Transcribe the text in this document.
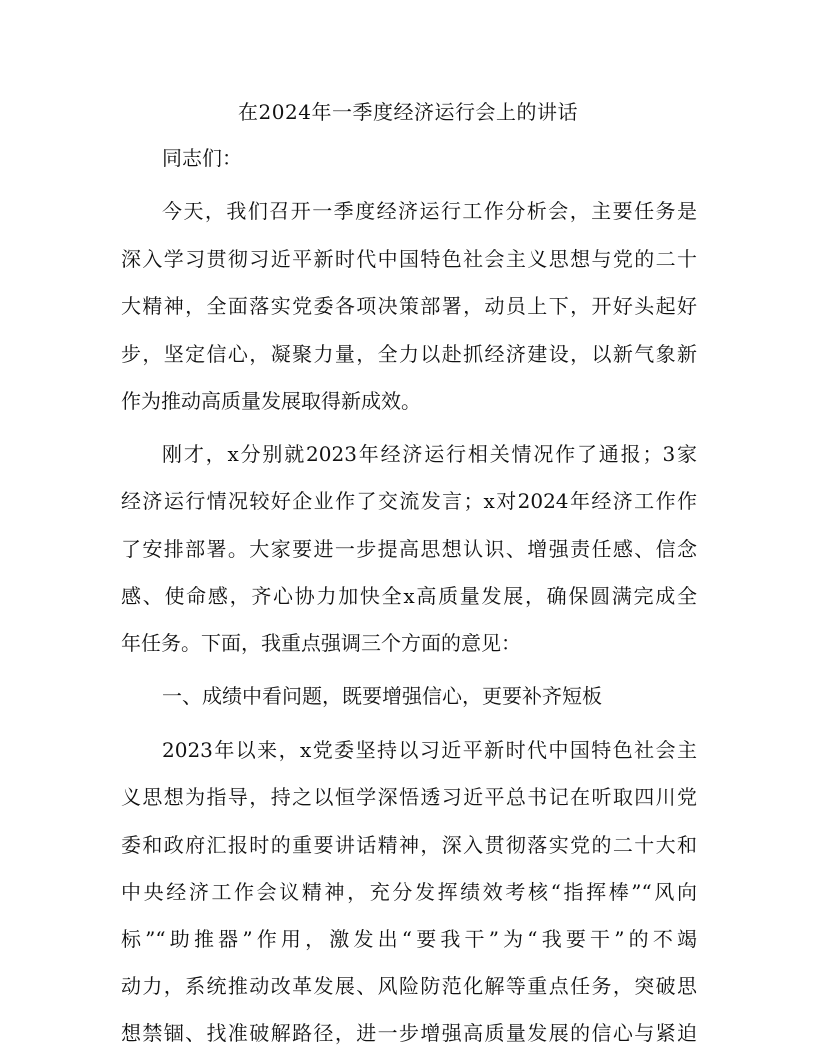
在2024年一季度经济运行会上的讲话
同志们：
今天，我们召开一季度经济运行工作分析会，主要任务是
深入学习贯彻习近平新时代中国特色社会主义思想与党的二十
大精神，全面落实党委各项决策部署，动员上下，开好头起好
步，坚定信心，凝聚力量，全力以赴抓经济建设，以新气象新
作为推动高质量发展取得新成效。
刚才，x分别就2023年经济运行相关情况作了通报；3家
经济运行情况较好企业作了交流发言；x对2024年经济工作作
了安排部署。大家要进一步提高思想认识、增强责任感、信念
感、使命感，齐心协力加快全x高质量发展，确保圆满完成全
年任务。下面，我重点强调三个方面的意见：
一、成绩中看问题，既要增强信心，更要补齐短板
2023年以来，x党委坚持以习近平新时代中国特色社会主
义思想为指导，持之以恒学深悟透习近平总书记在听取四川党
委和政府汇报时的重要讲话精神，深入贯彻落实党的二十大和
中央经济工作会议精神，充分发挥绩效考核“指挥棒”“风向
标”“助推器”作用，激发出“要我干”为“我要干”的不竭
动力，系统推动改革发展、风险防范化解等重点任务，突破思
想禁锢、找准破解路径，进一步增强高质量发展的信心与紧迫
